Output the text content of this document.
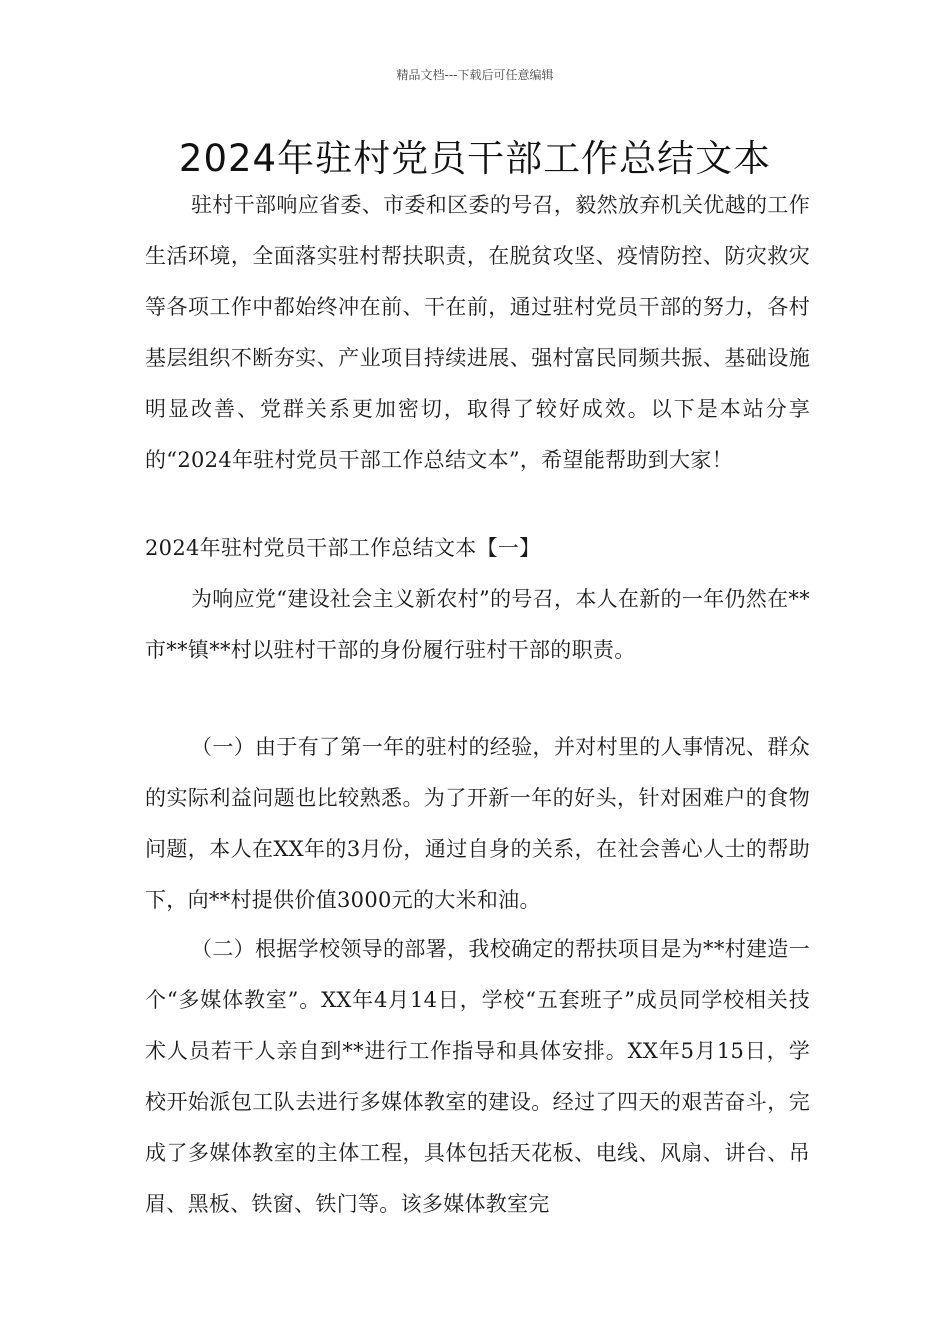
精品文档---下载后可任意编辑
2024年驻村党员干部工作总结文本

驻村干部响应省委、市委和区委的号召，毅然放弃机关优越的工作生活环境，全面落实驻村帮扶职责，在脱贫攻坚、疫情防控、防灾救灾等各项工作中都始终冲在前、干在前，通过驻村党员干部的努力，各村基层组织不断夯实、产业项目持续进展、强村富民同频共振、基础设施明显改善、党群关系更加密切，取得了较好成效。以下是本站分享的“2024年驻村党员干部工作总结文本”，希望能帮助到大家！

2024年驻村党员干部工作总结文本【一】

为响应党“建设社会主义新农村”的号召，本人在新的一年仍然在**市**镇**村以驻村干部的身份履行驻村干部的职责。

（一）由于有了第一年的驻村的经验，并对村里的人事情况、群众的实际利益问题也比较熟悉。为了开新一年的好头，针对困难户的食物问题，本人在XX年的3月份，通过自身的关系，在社会善心人士的帮助下，向**村提供价值3000元的大米和油。

（二）根据学校领导的部署，我校确定的帮扶项目是为**村建造一个“多媒体教室”。XX年4月14日，学校“五套班子”成员同学校相关技术人员若干人亲自到**进行工作指导和具体安排。XX年5月15日，学校开始派包工队去进行多媒体教室的建设。经过了四天的艰苦奋斗，完成了多媒体教室的主体工程，具体包括天花板、电线、风扇、讲台、吊眉、黑板、铁窗、铁门等。该多媒体教室完
